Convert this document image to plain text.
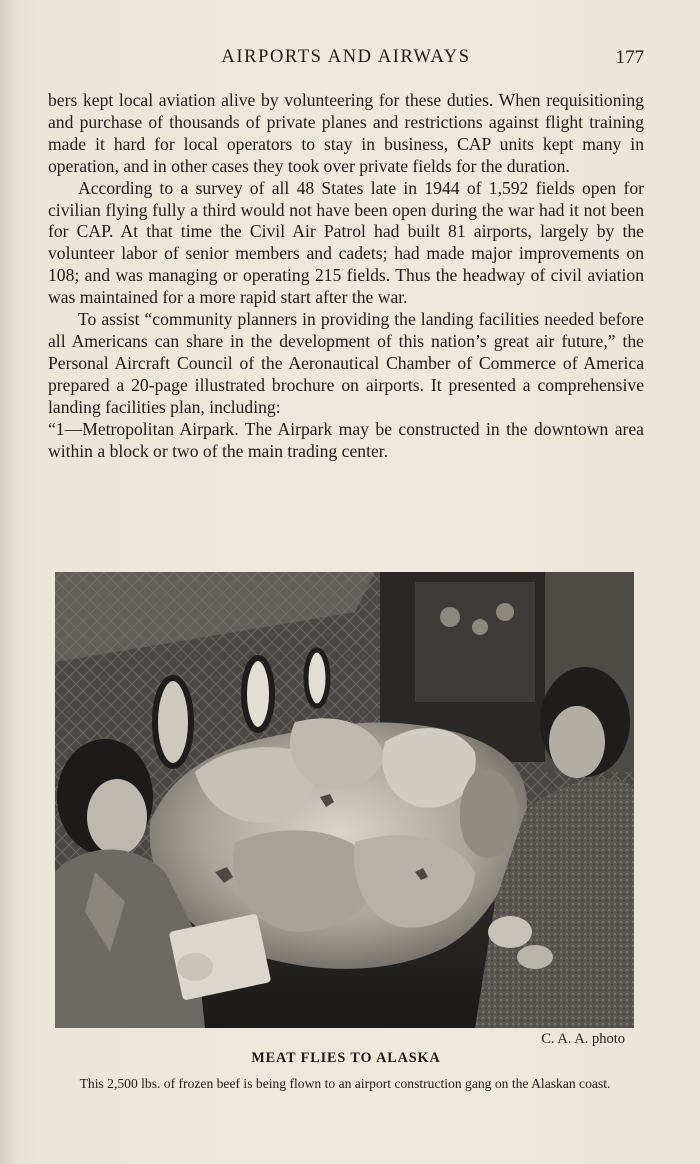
AIRPORTS AND AIRWAYS	177

bers kept local aviation alive by volunteering for these duties. When requisitioning and purchase of thousands of private planes and restrictions against flight training made it hard for local operators to stay in business, CAP units kept many in operation, and in other cases they took over private fields for the duration.

According to a survey of all 48 States late in 1944 of 1,592 fields open for civilian flying fully a third would not have been open during the war had it not been for CAP. At that time the Civil Air Patrol had built 81 airports, largely by the volunteer labor of senior members and cadets; had made major improvements on 108; and was managing or operating 215 fields. Thus the headway of civil aviation was maintained for a more rapid start after the war.

To assist “community planners in providing the landing facilities needed before all Americans can share in the development of this nation’s great air future,” the Personal Aircraft Council of the Aeronautical Chamber of Commerce of America prepared a 20-page illustrated brochure on airports. It presented a comprehensive landing facilities plan, including:

“1—Metropolitan Airpark. The Airpark may be constructed in the downtown area within a block or two of the main trading center.

C. A. A. photo
MEAT FLIES TO ALASKA
This 2,500 lbs. of frozen beef is being flown to an airport construction gang on the Alaskan coast.
